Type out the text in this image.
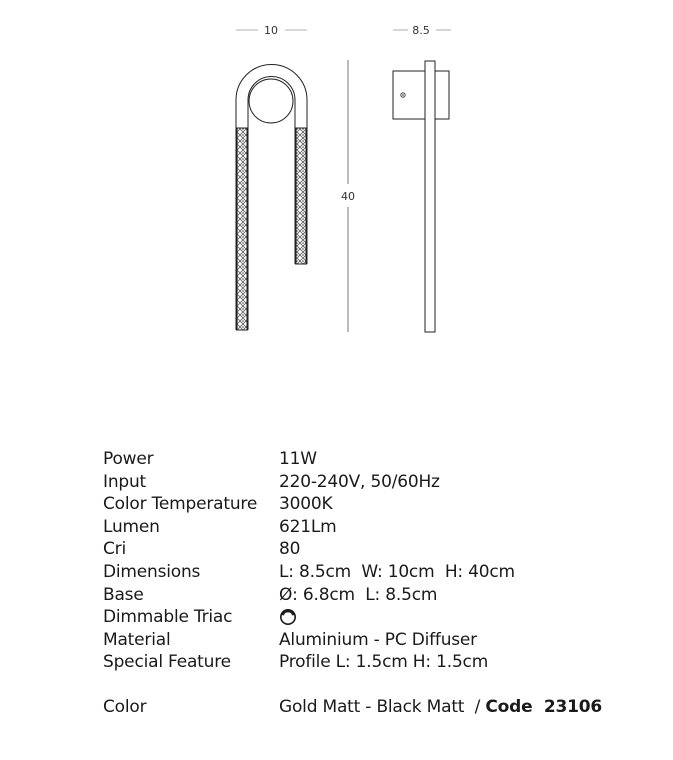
10	8.5
40
Power	11W
Input	220-240V, 50/60Hz
Color Temperature	3000K
Lumen	621Lm
Cri	80
Dimensions	L: 8.5cm  W: 10cm  H: 40cm
Base	Ø: 6.8cm  L: 8.5cm
Dimmable Triac
Material	Aluminium - PC Diffuser
Special Feature	Profile L: 1.5cm H: 1.5cm
Color	Gold Matt - Black Matt  / Code  23106
